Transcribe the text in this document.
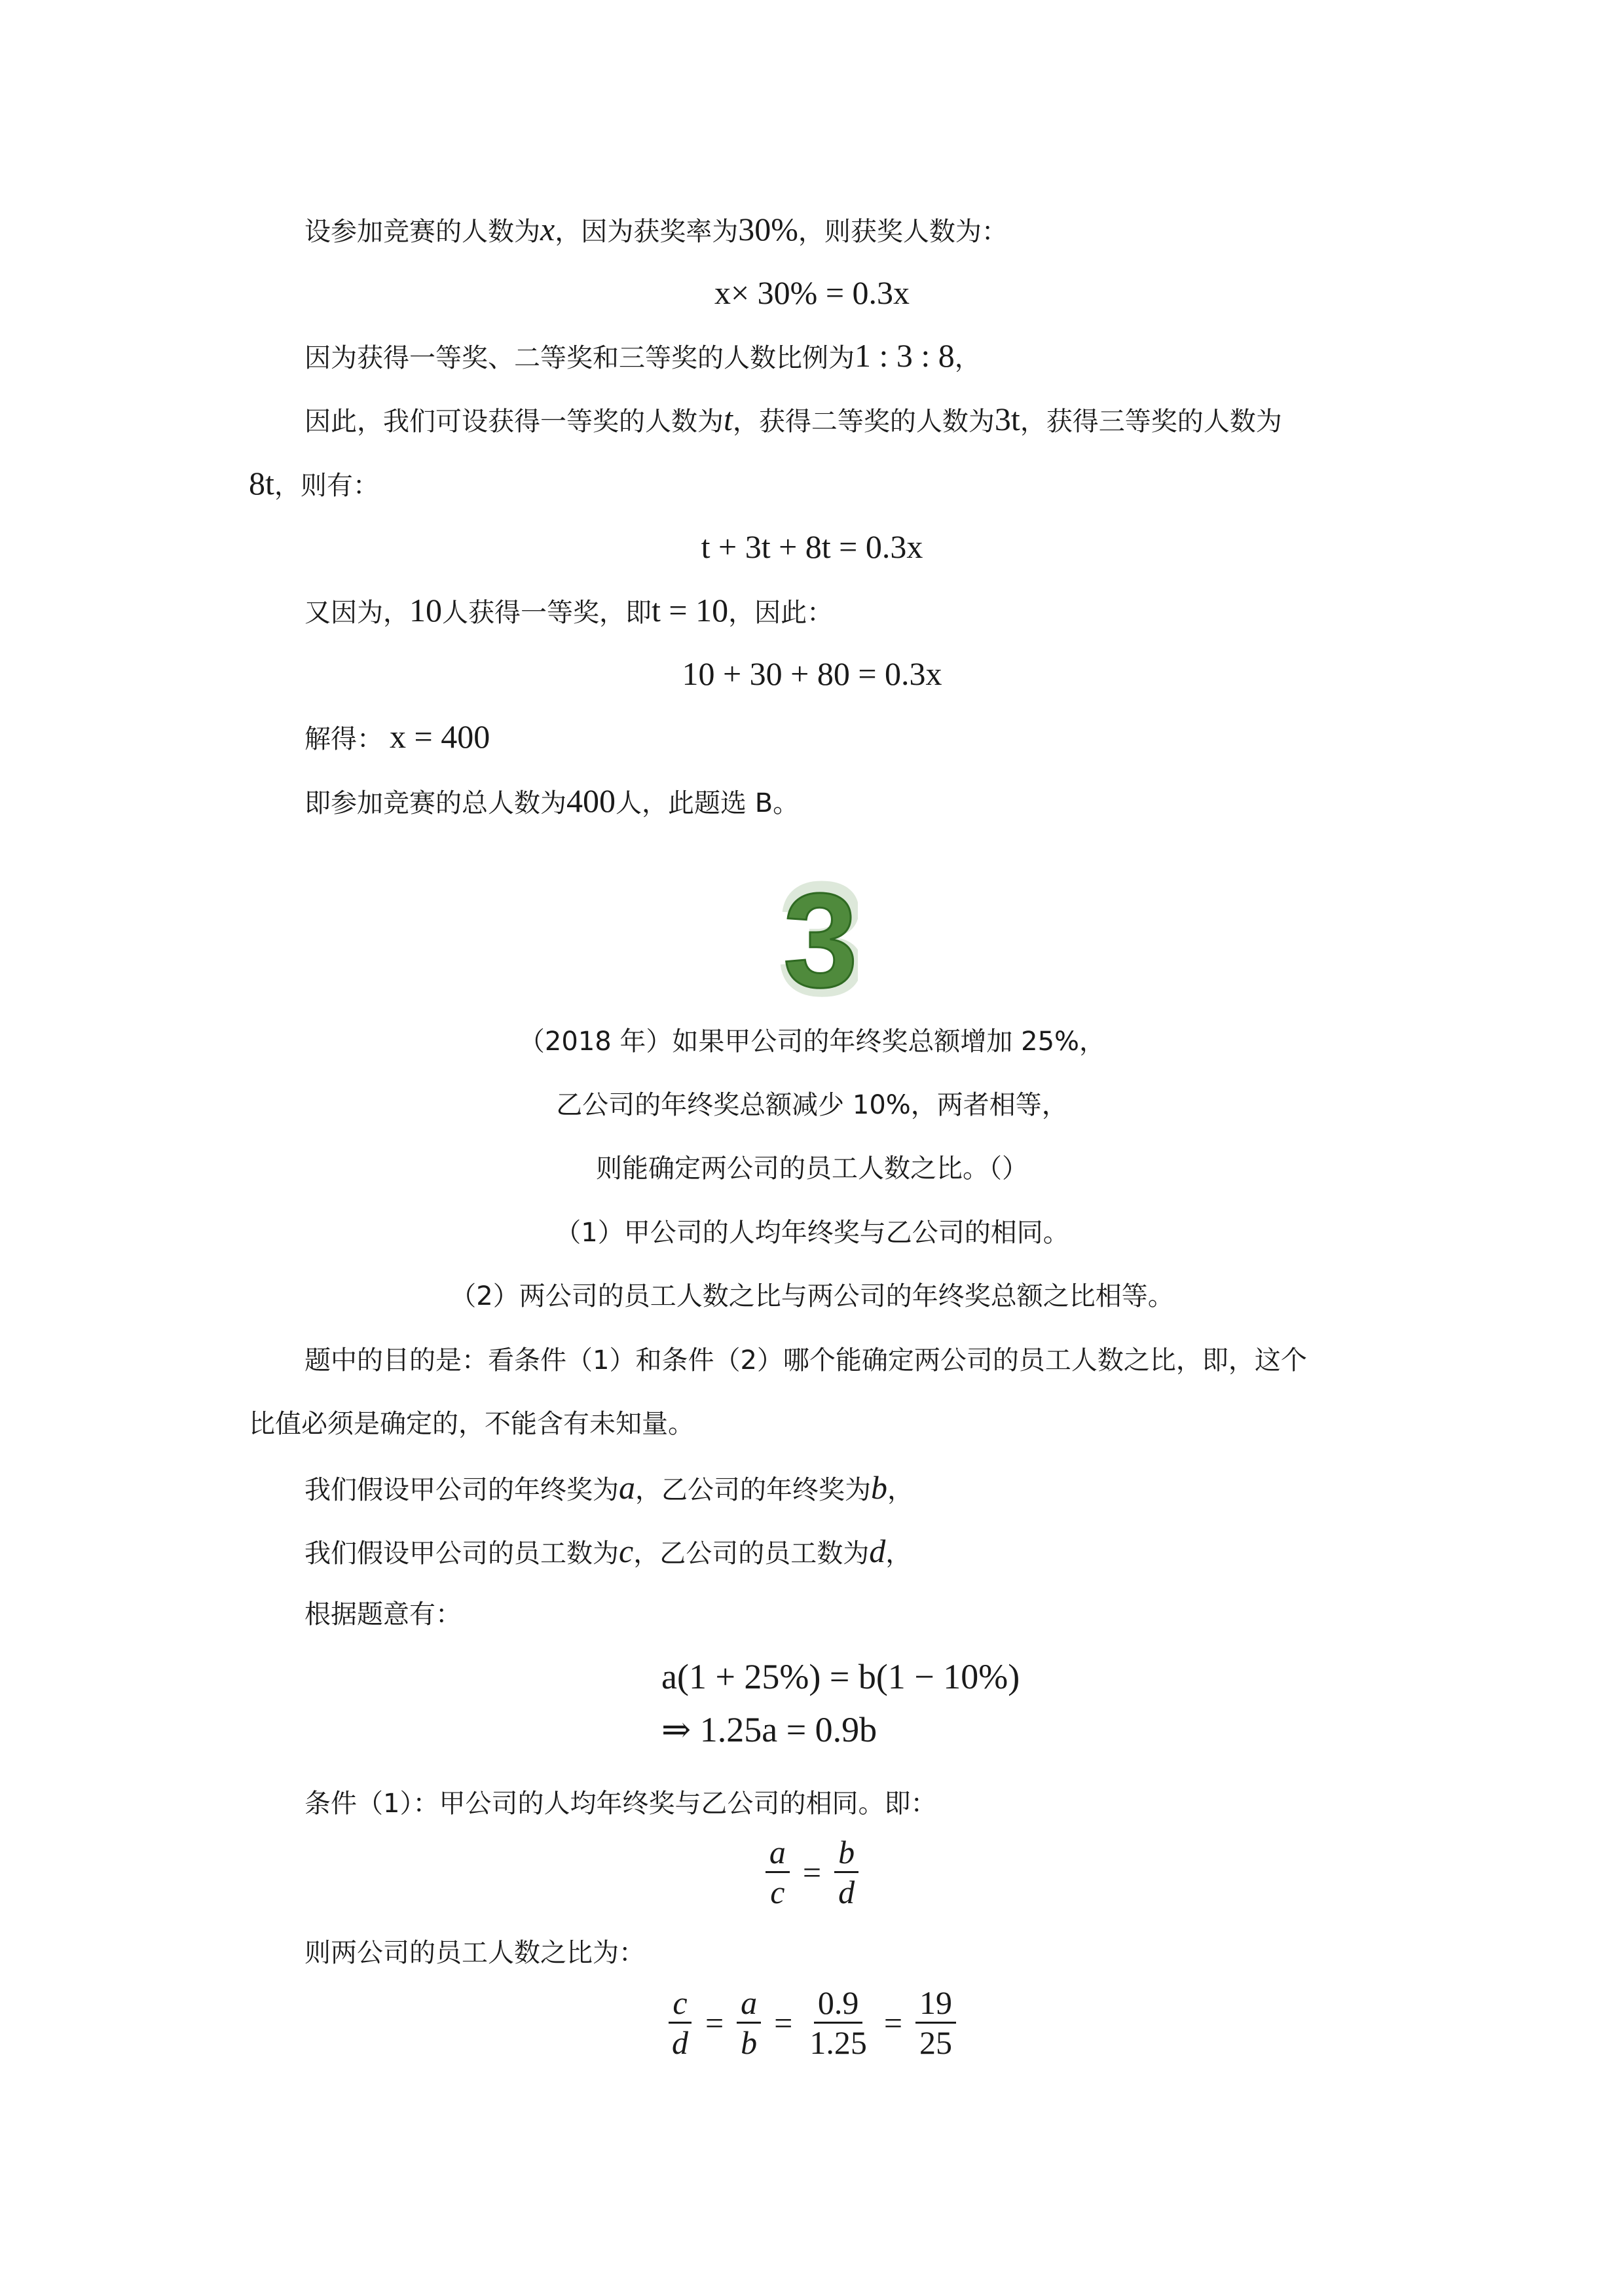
设参加竞赛的人数为x，因为获奖率为30%，则获奖人数为：
x× 30% = 0.3x
因为获得一等奖、二等奖和三等奖的人数比例为1 : 3 : 8，
因此，我们可设获得一等奖的人数为t，获得二等奖的人数为3t，获得三等奖的人数为
8t，则有：
t + 3t + 8t = 0.3x
又因为，10人获得一等奖，即t = 10，因此：
10 + 30 + 80 = 0.3x
解得： x = 400
即参加竞赛的总人数为400人，此题选 B。
3
3
（2018 年）如果甲公司的年终奖总额增加 25%，
乙公司的年终奖总额减少 10%，两者相等，
则能确定两公司的员工人数之比。（）
（1）甲公司的人均年终奖与乙公司的相同。
（2）两公司的员工人数之比与两公司的年终奖总额之比相等。
题中的目的是：看条件（1）和条件（2）哪个能确定两公司的员工人数之比，即，这个
比值必须是确定的，不能含有未知量。
我们假设甲公司的年终奖为a，乙公司的年终奖为b，
我们假设甲公司的员工数为c，乙公司的员工数为d，
根据题意有：
a(1 + 25%) = b(1 − 10%)
⇒ 1.25a = 0.9b
条件（1）：甲公司的人均年终奖与乙公司的相同。即：
$\frac{a}{c} = \frac{b}{d}$
则两公司的员工人数之比为：
$\frac{c}{d} = \frac{a}{b} = \frac{0.9}{1.25} = \frac{19}{25}$
